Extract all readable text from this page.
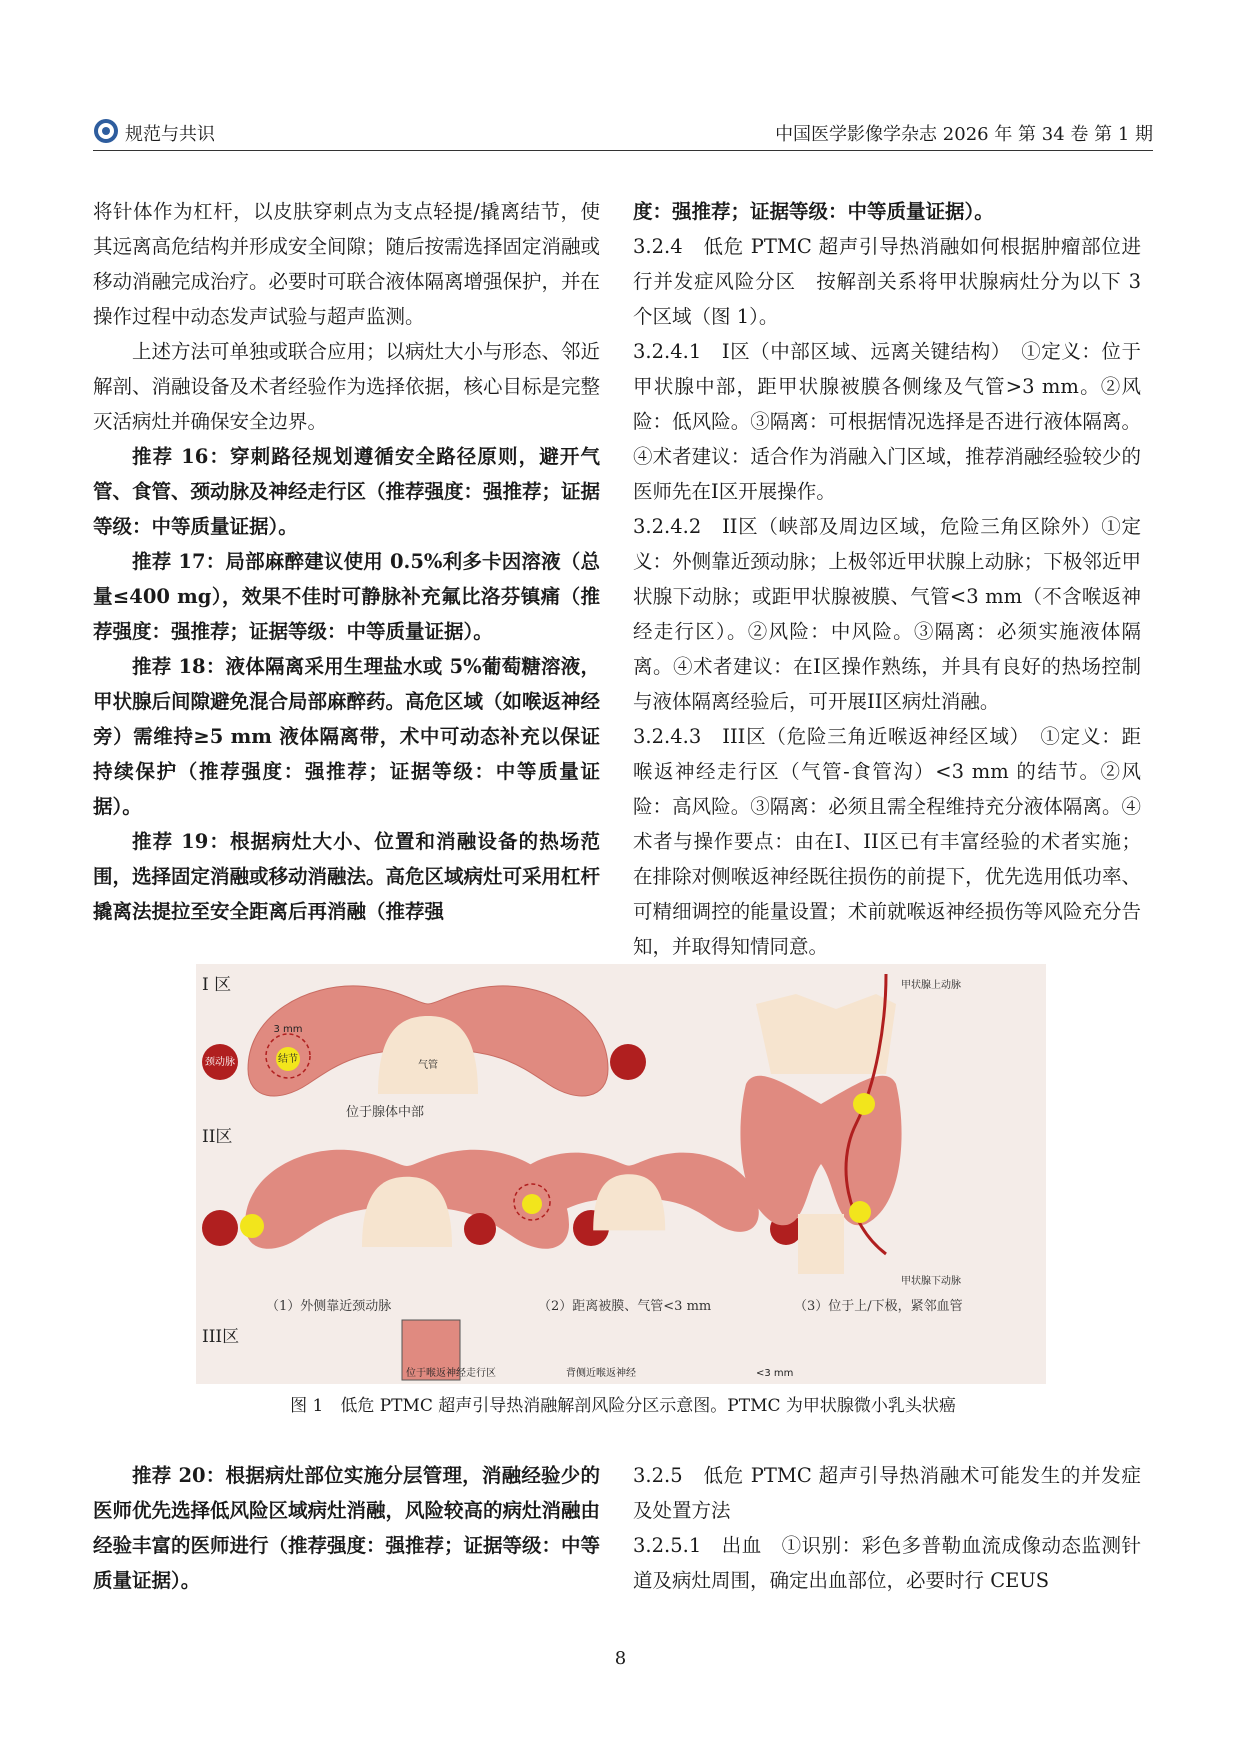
规范与共识	中国医学影像学杂志 2026 年 第 34 卷 第 1 期

将针体作为杠杆，以皮肤穿刺点为支点轻提/撬离结节，使其远离高危结构并形成安全间隙；随后按需选择固定消融或移动消融完成治疗。必要时可联合液体隔离增强保护，并在操作过程中动态发声试验与超声监测。

上述方法可单独或联合应用；以病灶大小与形态、邻近解剖、消融设备及术者经验作为选择依据，核心目标是完整灭活病灶并确保安全边界。

推荐 16：穿刺路径规划遵循安全路径原则，避开气管、食管、颈动脉及神经走行区（推荐强度：强推荐；证据等级：中等质量证据）。

推荐 17：局部麻醉建议使用 0.5%利多卡因溶液（总量≤400 mg），效果不佳时可静脉补充氟比洛芬镇痛（推荐强度：强推荐；证据等级：中等质量证据）。

推荐 18：液体隔离采用生理盐水或 5%葡萄糖溶液，甲状腺后间隙避免混合局部麻醉药。高危区域（如喉返神经旁）需维持≥5 mm 液体隔离带，术中可动态补充以保证持续保护（推荐强度：强推荐；证据等级：中等质量证据）。

推荐 19：根据病灶大小、位置和消融设备的热场范围，选择固定消融或移动消融法。高危区域病灶可采用杠杆撬离法提拉至安全距离后再消融（推荐强

度：强推荐；证据等级：中等质量证据）。

3.2.4　低危 PTMC 超声引导热消融如何根据肿瘤部位进行并发症风险分区　按解剖关系将甲状腺病灶分为以下 3 个区域（图 1）。

3.2.4.1　Ⅰ区（中部区域、远离关键结构）　①定义：位于甲状腺中部，距甲状腺被膜各侧缘及气管>3 mm。②风险：低风险。③隔离：可根据情况选择是否进行液体隔离。④术者建议：适合作为消融入门区域，推荐消融经验较少的医师先在I区开展操作。

3.2.4.2　II区（峡部及周边区域，危险三角区除外）①定义：外侧靠近颈动脉；上极邻近甲状腺上动脉；下极邻近甲状腺下动脉；或距甲状腺被膜、气管<3 mm（不含喉返神经走行区）。②风险：中风险。③隔离：必须实施液体隔离。④术者建议：在I区操作熟练，并具有良好的热场控制与液体隔离经验后，可开展II区病灶消融。

3.2.4.3　III区（危险三角近喉返神经区域）　①定义：距喉返神经走行区（气管-食管沟）<3 mm 的结节。②风险：高风险。③隔离：必须且需全程维持充分液体隔离。④术者与操作要点：由在I、II区已有丰富经验的术者实施；在排除对侧喉返神经既往损伤的前提下，优先选用低功率、可精细调控的能量设置；术前就喉返神经损伤等风险充分告知，并取得知情同意。

I 区
颈动脉	气管
结节
3 mm
位于腺体中部
II区
甲状腺上动脉
甲状腺下动脉
（1）外侧靠近颈动脉	（2）距离被膜、气管<3 mm	（3）位于上/下极，紧邻血管
III区
位于喉返神经走行区	背侧近喉返神经	<3 mm
图 1　低危 PTMC 超声引导热消融解剖风险分区示意图。PTMC 为甲状腺微小乳头状癌

推荐 20：根据病灶部位实施分层管理，消融经验少的医师优先选择低风险区域病灶消融，风险较高的病灶消融由经验丰富的医师进行（推荐强度：强推荐；证据等级：中等质量证据）。

3.2.5　低危 PTMC 超声引导热消融术可能发生的并发症及处置方法

3.2.5.1　出血　①识别：彩色多普勒血流成像动态监测针道及病灶周围，确定出血部位，必要时行 CEUS

8
